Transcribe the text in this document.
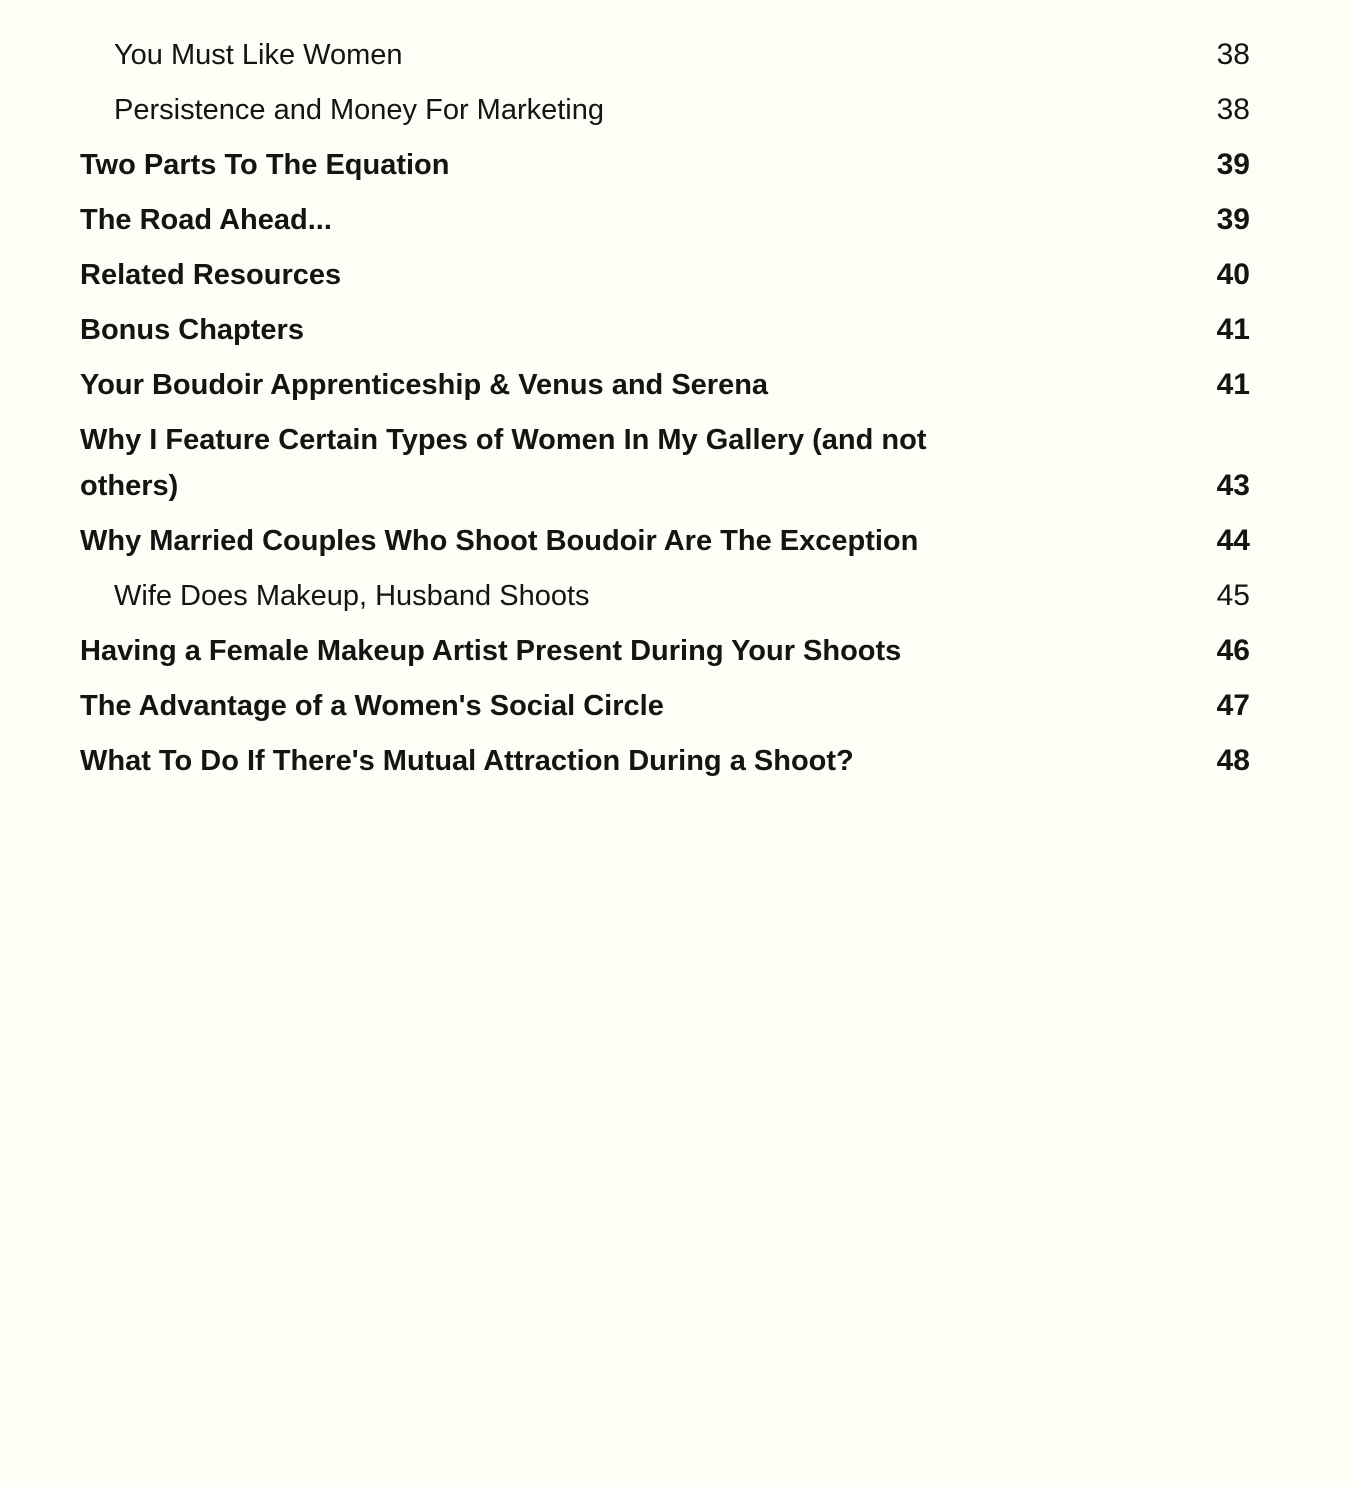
You Must Like Women	38
Persistence and Money For Marketing	38
Two Parts To The Equation	39
The Road Ahead...	39
Related Resources	40
Bonus Chapters	41
Your Boudoir Apprenticeship & Venus and Serena	41
Why I Feature Certain Types of Women In My Gallery (and not
others)	43
Why Married Couples Who Shoot Boudoir Are The Exception	44
Wife Does Makeup, Husband Shoots	45
Having a Female Makeup Artist Present During Your Shoots	46
The Advantage of a Women's Social Circle	47
What To Do If There's Mutual Attraction During a Shoot?	48
